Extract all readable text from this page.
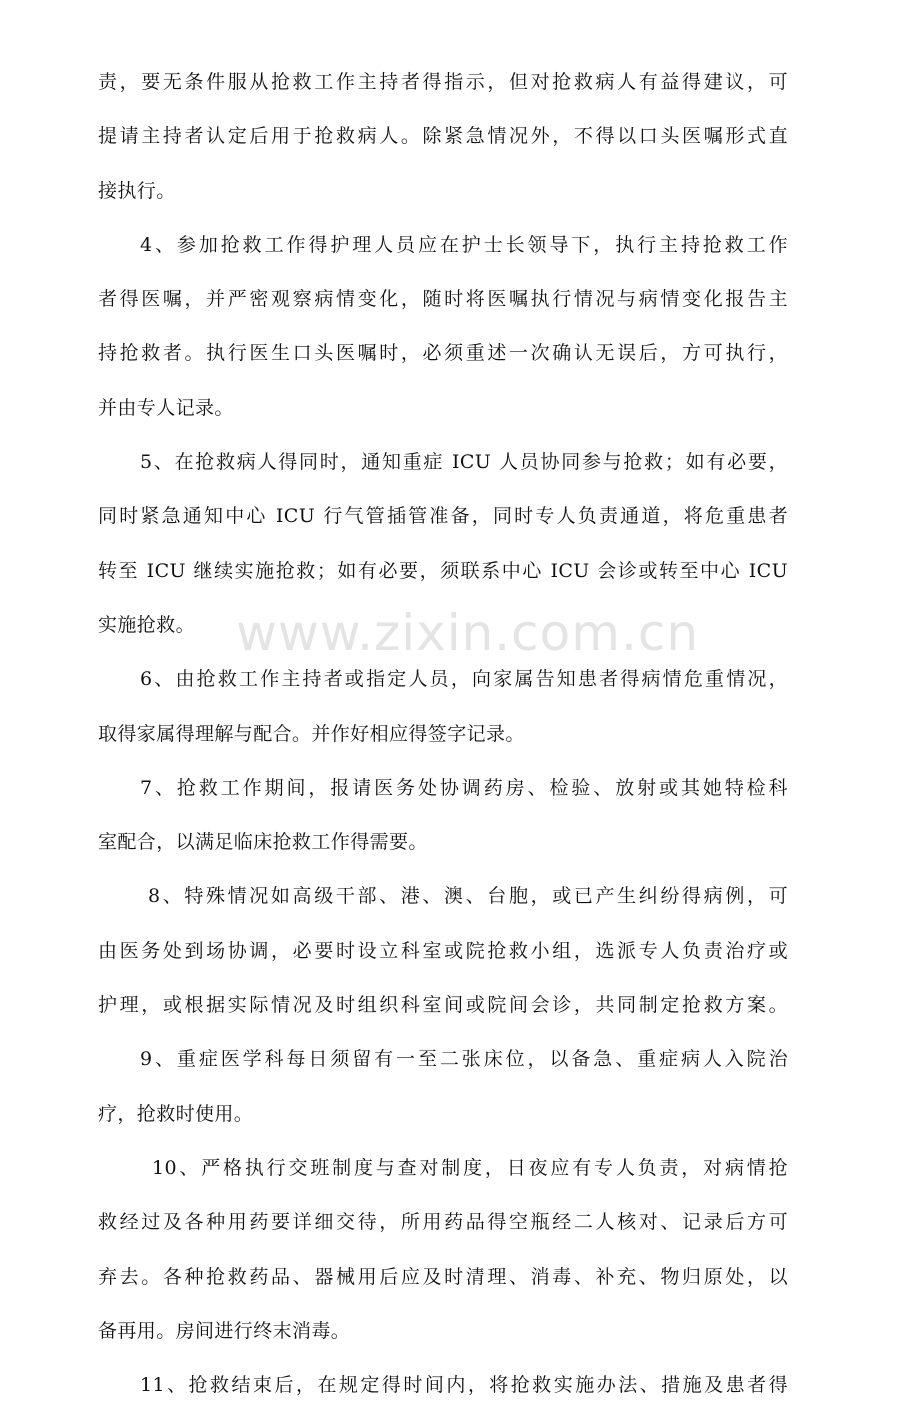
www.zixin.com.cn
责，要无条件服从抢救工作主持者得指示，但对抢救病人有益得建议，可
提请主持者认定后用于抢救病人。除紧急情况外，不得以口头医嘱形式直
接执行。
4、参加抢救工作得护理人员应在护士长领导下，执行主持抢救工作
者得医嘱，并严密观察病情变化，随时将医嘱执行情况与病情变化报告主
持抢救者。执行医生口头医嘱时，必须重述一次确认无误后，方可执行，
并由专人记录。
5、在抢救病人得同时，通知重症 ICU 人员协同参与抢救；如有必要，
同时紧急通知中心 ICU 行气管插管准备，同时专人负责通道，将危重患者
转至 ICU 继续实施抢救；如有必要，须联系中心 ICU 会诊或转至中心 ICU
实施抢救。
6、由抢救工作主持者或指定人员，向家属告知患者得病情危重情况，
取得家属得理解与配合。并作好相应得签字记录。
7、抢救工作期间，报请医务处协调药房、检验、放射或其她特检科
室配合，以满足临床抢救工作得需要。
8、特殊情况如高级干部、港、澳、台胞，或已产生纠纷得病例，可
由医务处到场协调，必要时设立科室或院抢救小组，选派专人负责治疗或
护理，或根据实际情况及时组织科室间或院间会诊，共同制定抢救方案。
9、重症医学科每日须留有一至二张床位，以备急、重症病人入院治
疗，抢救时使用。
10、严格执行交班制度与查对制度，日夜应有专人负责，对病情抢
救经过及各种用药要详细交待，所用药品得空瓶经二人核对、记录后方可
弃去。各种抢救药品、器械用后应及时清理、消毒、补充、物归原处，以
备再用。房间进行终末消毒。
11、抢救结束后，在规定得时间内，将抢救实施办法、措施及患者得
